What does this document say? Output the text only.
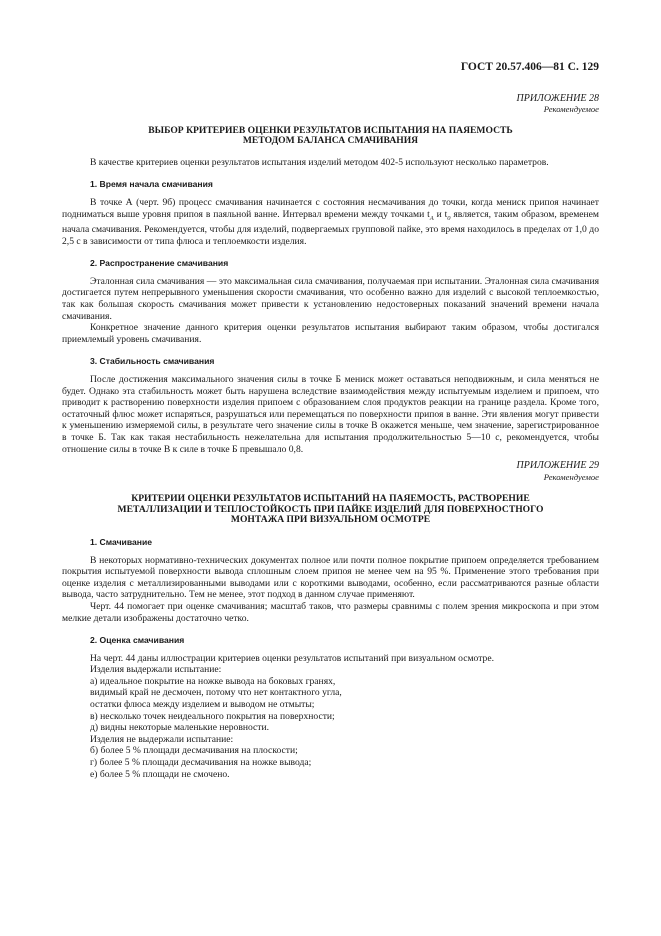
ГОСТ 20.57.406—81 С. 129
ПРИЛОЖЕНИЕ 28
Рекомендуемое
ВЫБОР КРИТЕРИЕВ ОЦЕНКИ РЕЗУЛЬТАТОВ ИСПЫТАНИЯ НА ПАЯЕМОСТЬ
МЕТОДОМ БАЛАНСА СМАЧИВАНИЯ

В качестве критериев оценки результатов испытания изделий методом 402-5 используют несколько параметров.

1. Время начала смачивания

В точке А (черт. 9б) процесс смачивания начинается с состояния несмачивания до точки, когда мениск припоя начинает подниматься выше уровня припоя в паяльной ванне. Интервал времени между точками $t_A$ и $t_0$ является, таким образом, временем начала смачивания. Рекомендуется, чтобы для изделий, подвергаемых групповой пайке, это время находилось в пределах от 1,0 до 2,5 с в зависимости от типа флюса и теплоемкости изделия.

2. Распространение смачивания

Эталонная сила смачивания — это максимальная сила смачивания, получаемая при испытании. Эталонная сила смачивания достигается путем непрерывного уменьшения скорости смачивания, что особенно важно для изделий с высокой теплоемкостью, так как большая скорость смачивания может привести к установлению недостоверных показаний значений времени начала смачивания.

Конкретное значение данного критерия оценки результатов испытания выбирают таким образом, чтобы достигался приемлемый уровень смачивания.

3. Стабильность смачивания

После достижения максимального значения силы в точке Б мениск может оставаться неподвижным, и сила меняться не будет. Однако эта стабильность может быть нарушена вследствие взаимодействия между испытуемым изделием и припоем, что приводит к растворению поверхности изделия припоем с образованием слоя продуктов реакции на границе раздела. Кроме того, остаточный флюс может испаряться, разрушаться или перемещаться по поверхности припоя в ванне. Эти явления могут привести к уменьшению измеряемой силы, в результате чего значение силы в точке В окажется меньше, чем значение, зарегистрированное в точке Б. Так как такая нестабильность нежелательна для испытания продолжительностью 5—10 с, рекомендуется, чтобы отношение силы в точке В к силе в точке Б превышало 0,8.

ПРИЛОЖЕНИЕ 29
Рекомендуемое
КРИТЕРИИ ОЦЕНКИ РЕЗУЛЬТАТОВ ИСПЫТАНИЙ НА ПАЯЕМОСТЬ, РАСТВОРЕНИЕ
МЕТАЛЛИЗАЦИИ И ТЕПЛОСТОЙКОСТЬ ПРИ ПАЙКЕ ИЗДЕЛИЙ ДЛЯ ПОВЕРХНОСТНОГО
МОНТАЖА ПРИ ВИЗУАЛЬНОМ ОСМОТРЕ
1. Смачивание

В некоторых нормативно-технических документах полное или почти полное покрытие припоем определяется требованием покрытия испытуемой поверхности вывода сплошным слоем припоя не менее чем на 95 %. Применение этого требования при оценке изделия с металлизированными выводами или с короткими выводами, особенно, если рассматриваются разные области вывода, часто затруднительно. Тем не менее, этот подход в данном случае применяют.

Черт. 44 помогает при оценке смачивания; масштаб таков, что размеры сравнимы с полем зрения микроскопа и при этом мелкие детали изображены достаточно четко.

2. Оценка смачивания

На черт. 44 даны иллюстрации критериев оценки результатов испытаний при визуальном осмотре.

Изделия выдержали испытание:
а) идеальное покрытие на ножке вывода на боковых гранях,
видимый край не десмочен, потому что нет контактного угла,
остатки флюса между изделием и выводом не отмыты;
в) несколько точек неидеального покрытия на поверхности;
д) видны некоторые маленькие неровности.
Изделия не выдержали испытание:
б) более 5 % площади десмачивания на плоскости;
г) более 5 % площади десмачивания на ножке вывода;
е) более 5 % площади не смочено.
